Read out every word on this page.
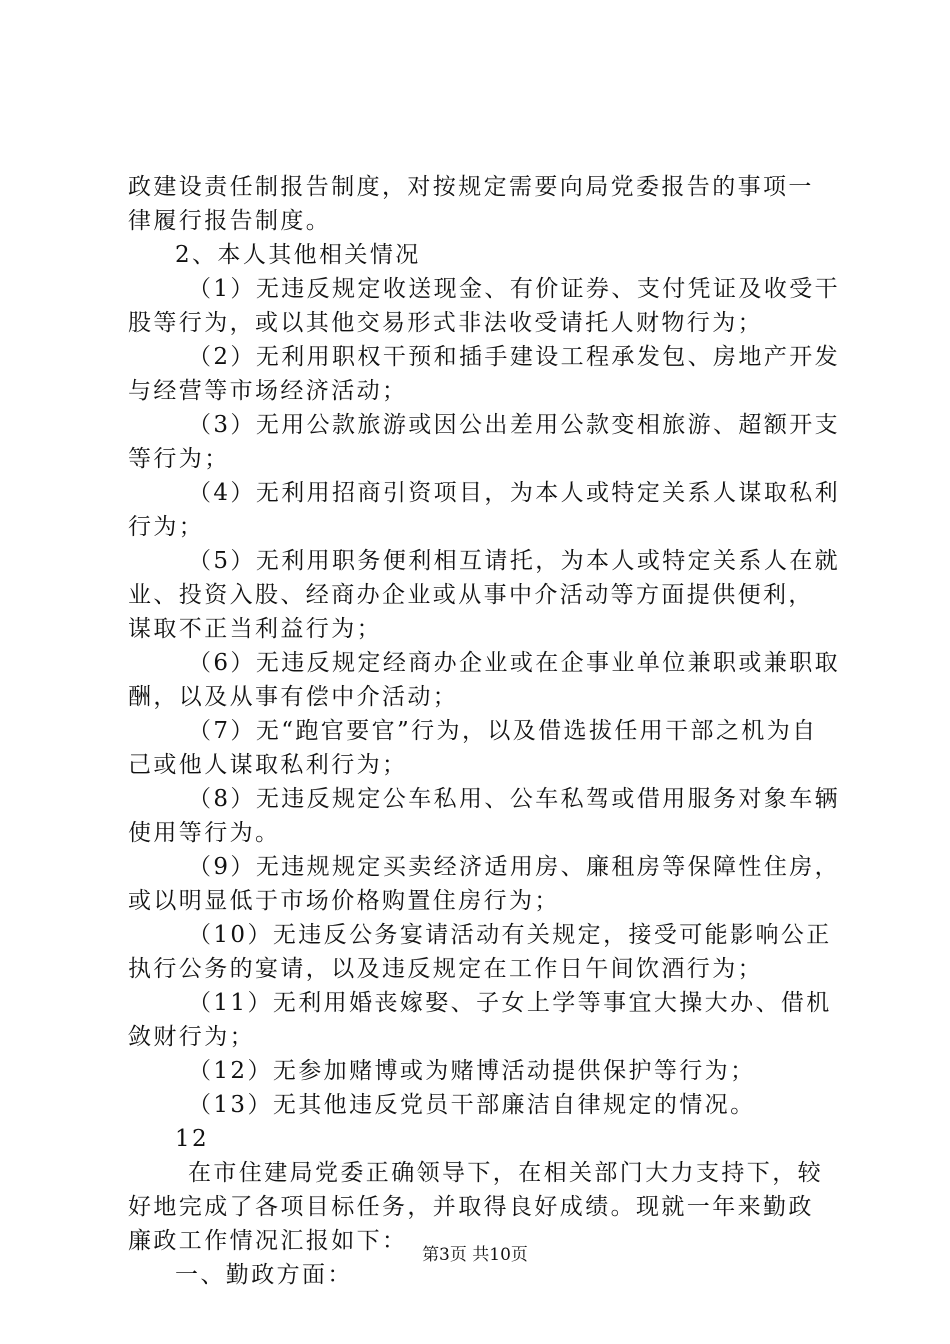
政建设责任制报告制度，对按规定需要向局党委报告的事项一
律履行报告制度。
2、本人其他相关情况
（1）无违反规定收送现金、有价证券、支付凭证及收受干
股等行为，或以其他交易形式非法收受请托人财物行为；
（2）无利用职权干预和插手建设工程承发包、房地产开发
与经营等市场经济活动；
（3）无用公款旅游或因公出差用公款变相旅游、超额开支
等行为；
（4）无利用招商引资项目，为本人或特定关系人谋取私利
行为；
（5）无利用职务便利相互请托，为本人或特定关系人在就
业、投资入股、经商办企业或从事中介活动等方面提供便利，
谋取不正当利益行为；
（6）无违反规定经商办企业或在企事业单位兼职或兼职取
酬，以及从事有偿中介活动；
（7）无“跑官要官”行为，以及借选拔任用干部之机为自
己或他人谋取私利行为；
（8）无违反规定公车私用、公车私驾或借用服务对象车辆
使用等行为。
（9）无违规规定买卖经济适用房、廉租房等保障性住房，
或以明显低于市场价格购置住房行为；
（10）无违反公务宴请活动有关规定，接受可能影响公正
执行公务的宴请，以及违反规定在工作日午间饮酒行为；
（11）无利用婚丧嫁娶、子女上学等事宜大操大办、借机
敛财行为；
（12）无参加赌博或为赌博活动提供保护等行为；
（13）无其他违反党员干部廉洁自律规定的情况。
12
在市住建局党委正确领导下，在相关部门大力支持下，较
好地完成了各项目标任务，并取得良好成绩。现就一年来勤政
廉政工作情况汇报如下：
一、勤政方面：
第3页 共10页
